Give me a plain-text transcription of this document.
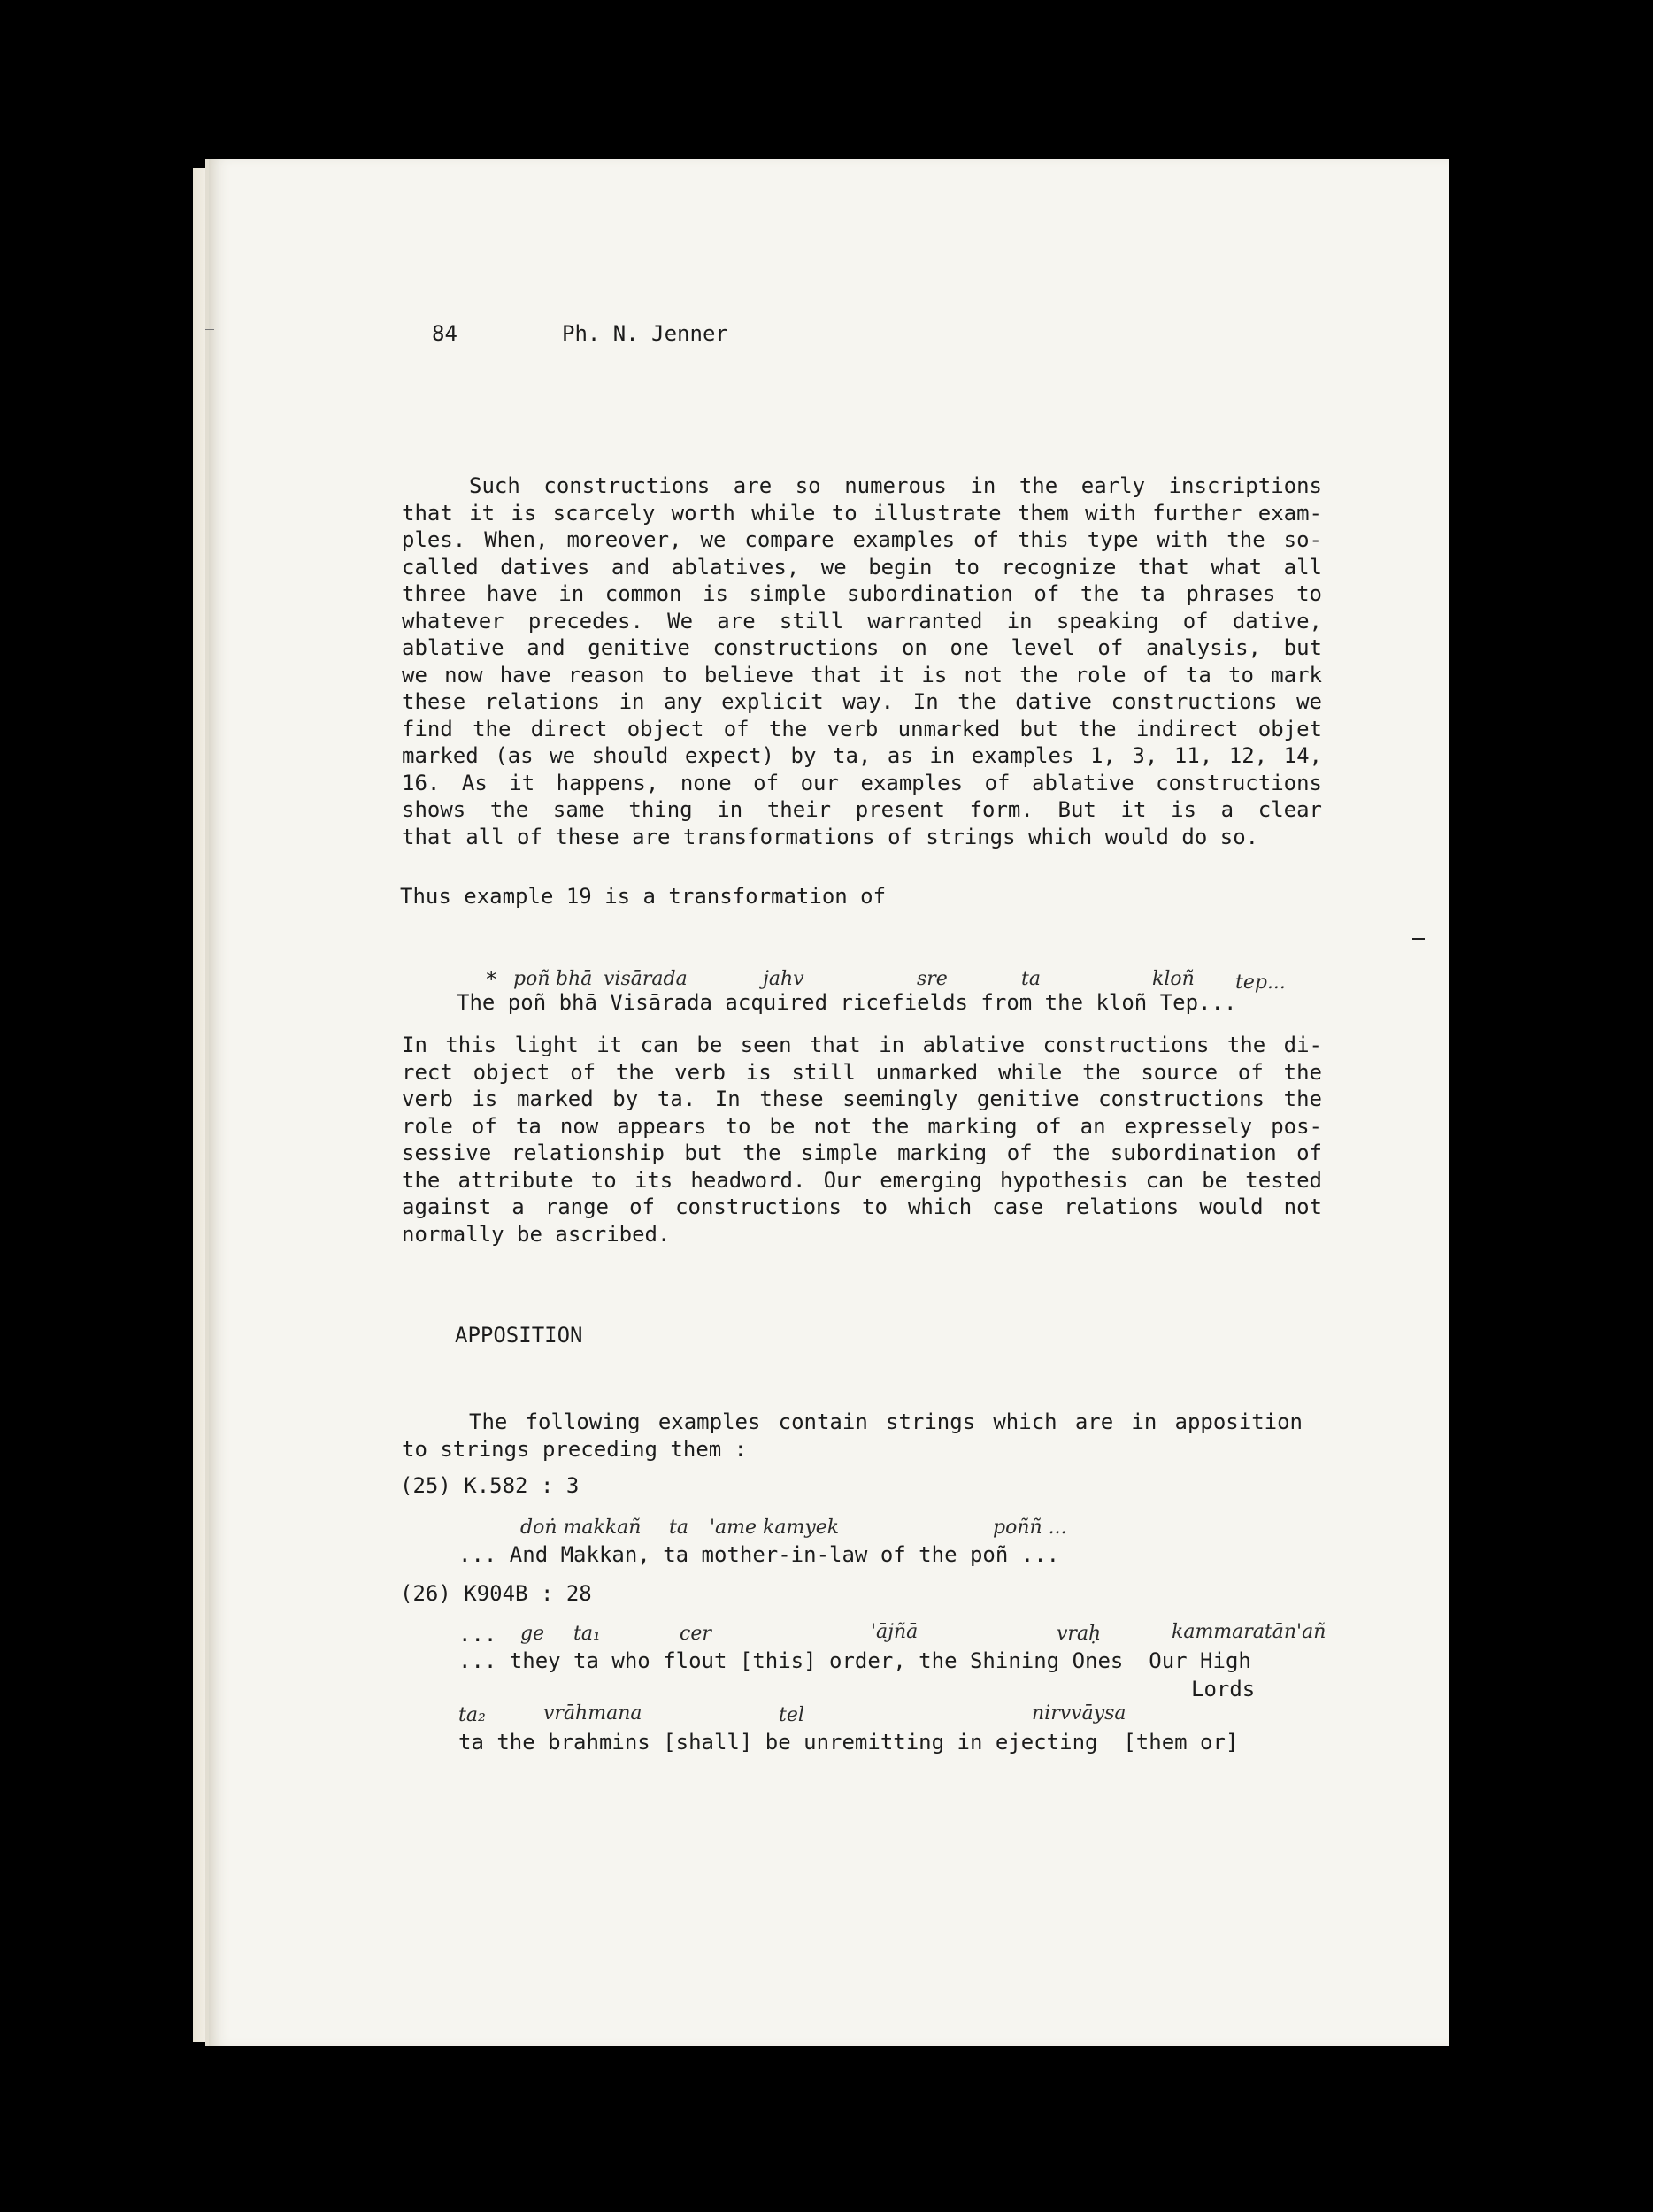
84	Ph. N. Jenner
Such constructions are so numerous in the early inscriptions
that it is scarcely worth while to illustrate them with further exam-
ples. When, moreover, we compare examples of this type with the so-
called datives and ablatives, we begin to recognize that what all
three have in common is simple subordination of the ta phrases to
whatever precedes. We are still warranted in speaking of dative,
ablative and genitive constructions on one level of analysis, but
we now have reason to believe that it is not the role of ta to mark
these relations in any explicit way. In the dative constructions we
find the direct object of the verb unmarked but the indirect objet
marked (as we should expect) by ta, as in examples 1, 3, 11, 12, 14,
16. As it happens, none of our examples of ablative constructions
shows the same thing in their present form. But it is a clear
that all of these are transformations of strings which would do so.
Thus example 19 is a transformation of
* poñ bhā visārada	jahv	sre	ta	kloñ tep...
The poñ bhā Visārada acquired ricefields from the kloñ Tep...
In this light it can be seen that in ablative constructions the di-
rect object of the verb is still unmarked while the source of the
verb is marked by ta. In these seemingly genitive constructions the
role of ta now appears to be not the marking of an expressely pos-
sessive relationship but the simple marking of the subordination of
the attribute to its headword. Our emerging hypothesis can be tested
against a range of constructions to which case relations would not
normally be ascribed.
APPOSITION
The following examples contain strings which are in apposition
to strings preceding them :
(25) K.582 : 3
doṅ makkañ ta 'ame kamyek	poññ ...
... And Makkan, ta mother-in-law of the poñ ...
(26) K904B : 28
... ge ta₁	cer	'ājñā	vraḥ	kammaratān'añ
... they ta who flout [this] order, the Shining Ones  Our High
Lords
ta₂	vrāhmana	tel	nirvvāysa
ta the brahmins [shall] be unremitting in ejecting  [them or]
